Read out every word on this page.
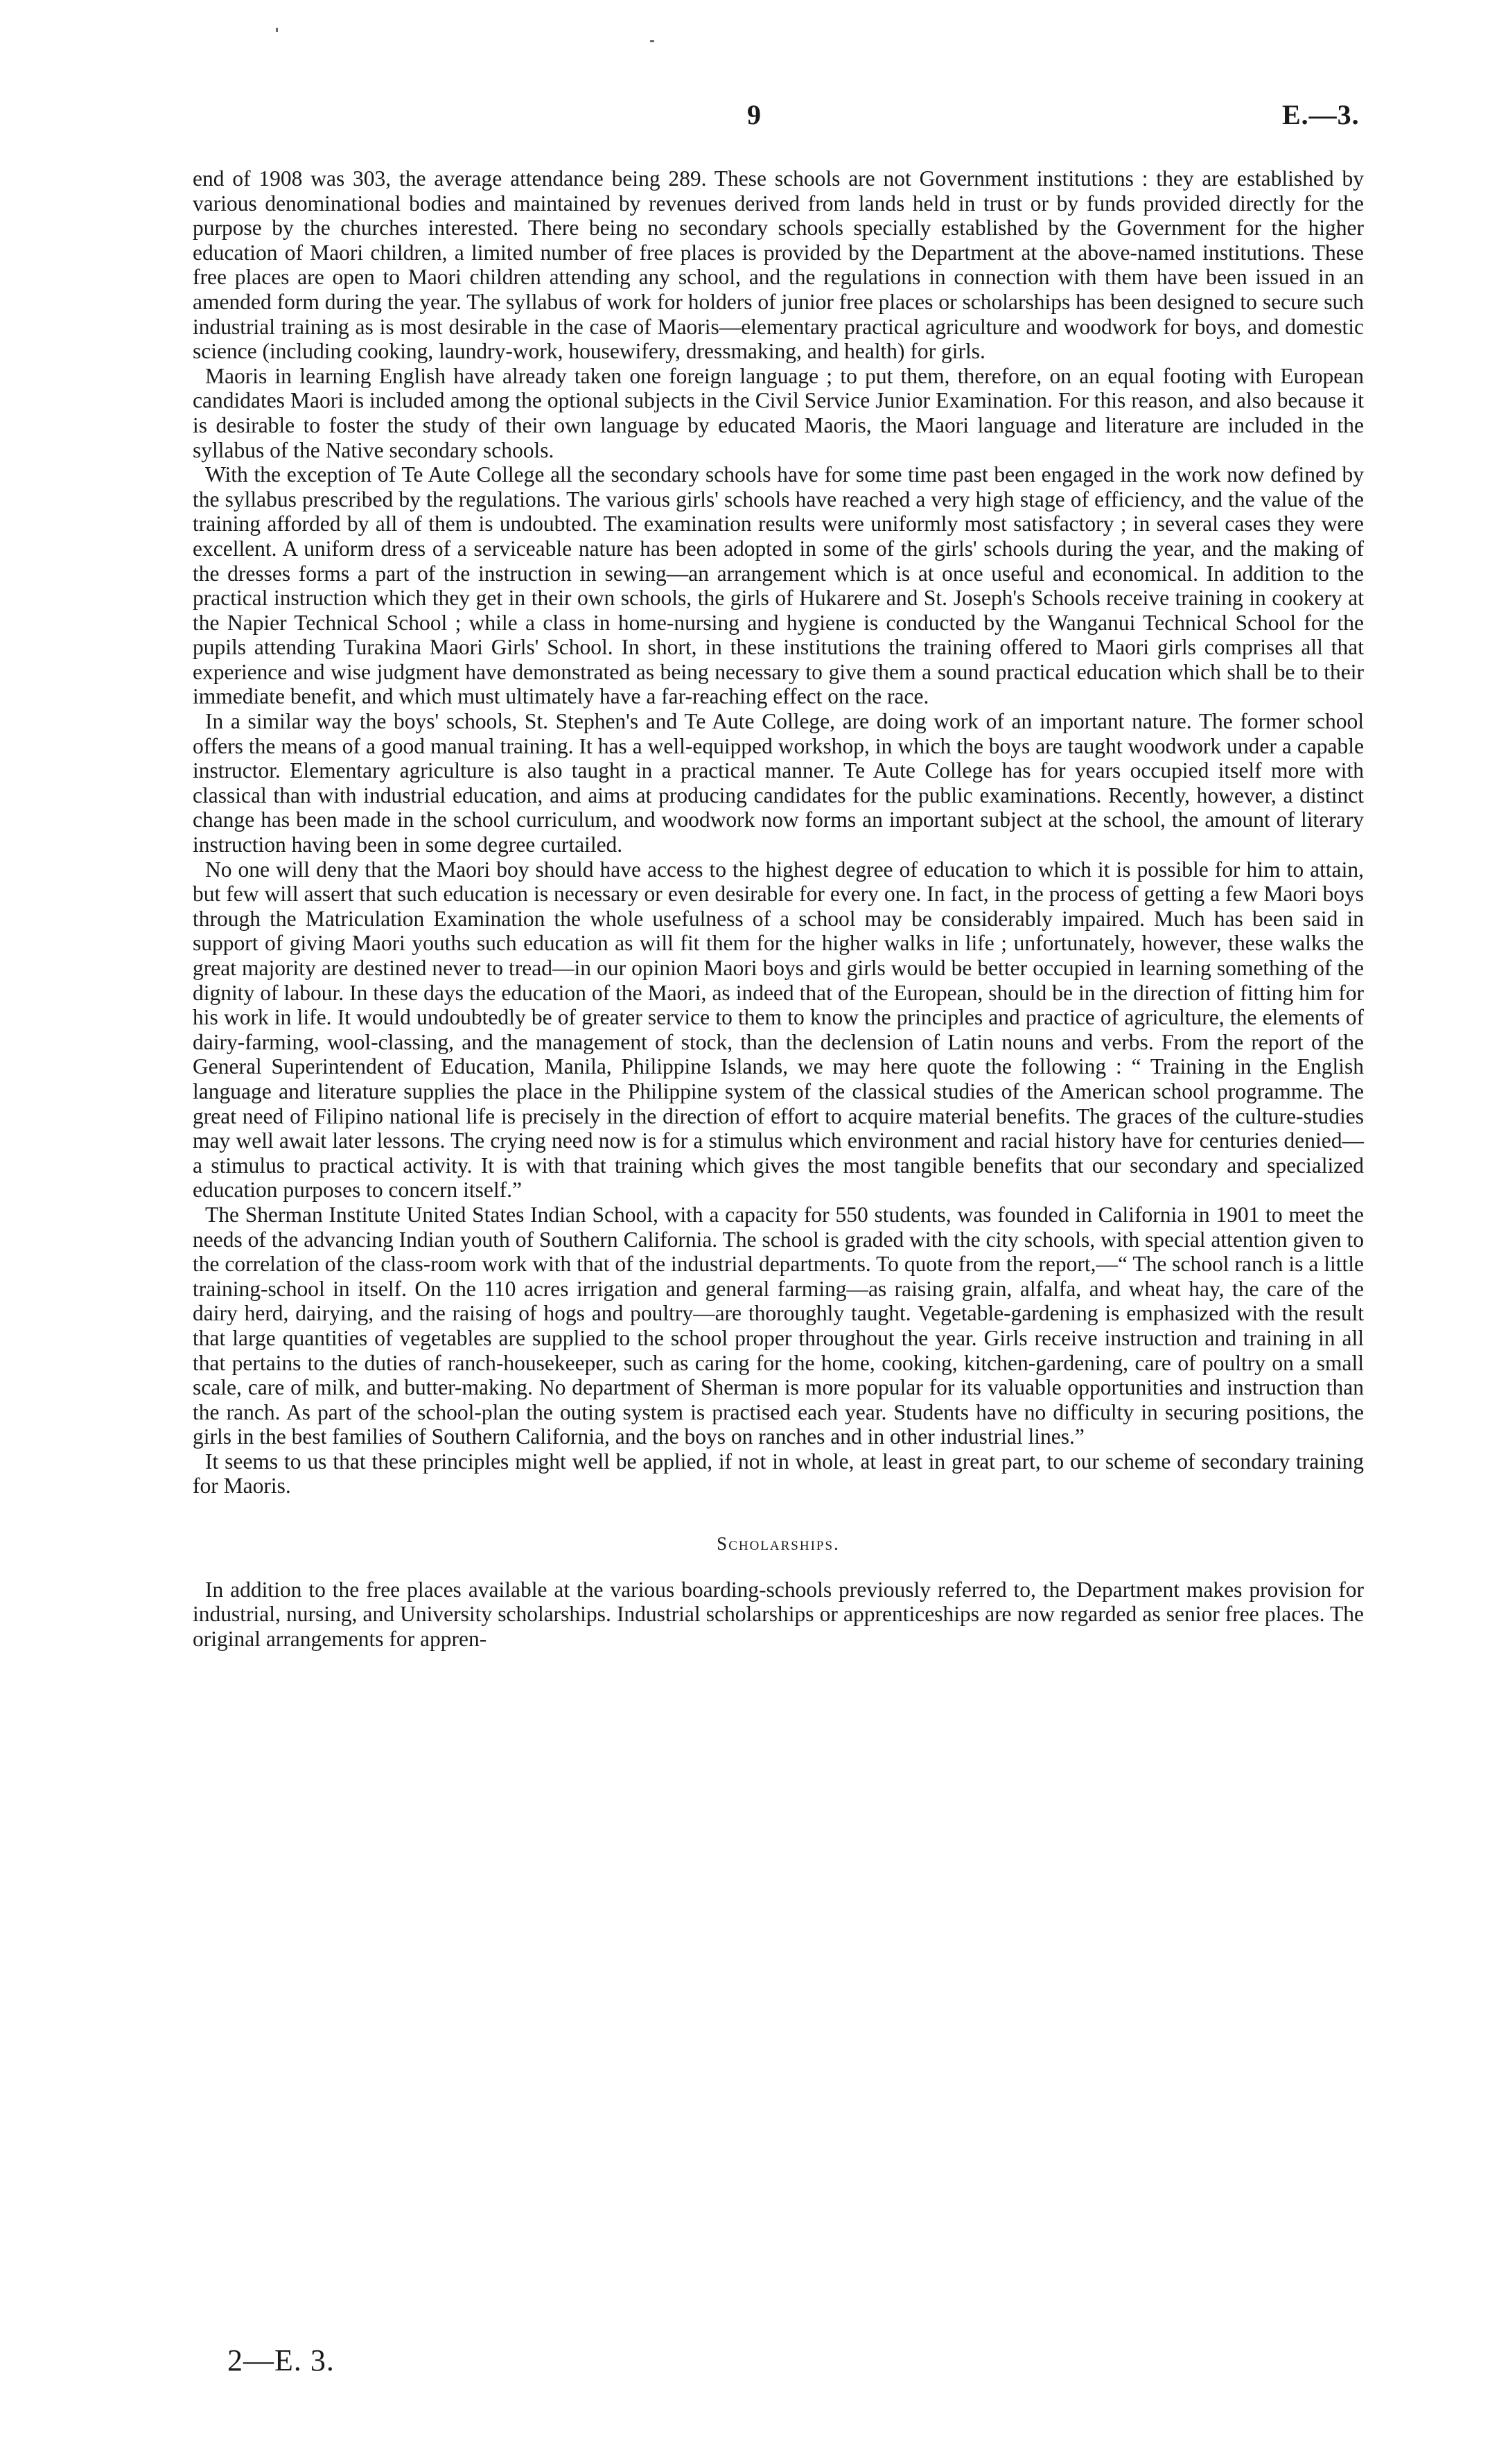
9	E.—3.

end of 1908 was 303, the average attendance being 289. These schools are not Government institutions : they are established by various denominational bodies and maintained by revenues derived from lands held in trust or by funds provided directly for the purpose by the churches interested. There being no secondary schools specially established by the Government for the higher education of Maori children, a limited number of free places is provided by the Department at the above-named institutions. These free places are open to Maori children attending any school, and the regulations in connection with them have been issued in an amended form during the year. The syllabus of work for holders of junior free places or scholarships has been designed to secure such industrial training as is most desirable in the case of Maoris—elementary practical agriculture and woodwork for boys, and domestic science (including cooking, laundry-work, housewifery, dressmaking, and health) for girls.

Maoris in learning English have already taken one foreign language ; to put them, therefore, on an equal footing with European candidates Maori is included among the optional subjects in the Civil Service Junior Examination. For this reason, and also because it is desirable to foster the study of their own language by educated Maoris, the Maori language and literature are included in the syllabus of the Native secondary schools.

With the exception of Te Aute College all the secondary schools have for some time past been engaged in the work now defined by the syllabus prescribed by the regulations. The various girls' schools have reached a very high stage of efficiency, and the value of the training afforded by all of them is undoubted. The examination results were uniformly most satisfactory ; in several cases they were excellent. A uniform dress of a serviceable nature has been adopted in some of the girls' schools during the year, and the making of the dresses forms a part of the instruction in sewing—an arrangement which is at once useful and economical. In addition to the practical instruction which they get in their own schools, the girls of Hukarere and St. Joseph's Schools receive training in cookery at the Napier Technical School ; while a class in home-nursing and hygiene is conducted by the Wanganui Technical School for the pupils attending Turakina Maori Girls' School. In short, in these institutions the training offered to Maori girls comprises all that experience and wise judgment have demonstrated as being necessary to give them a sound practical education which shall be to their immediate benefit, and which must ultimately have a far-reaching effect on the race.

In a similar way the boys' schools, St. Stephen's and Te Aute College, are doing work of an important nature. The former school offers the means of a good manual training. It has a well-equipped workshop, in which the boys are taught woodwork under a capable instructor. Elementary agriculture is also taught in a practical manner. Te Aute College has for years occupied itself more with classical than with industrial education, and aims at producing candidates for the public examinations. Recently, however, a distinct change has been made in the school curriculum, and woodwork now forms an important subject at the school, the amount of literary instruction having been in some degree curtailed.

No one will deny that the Maori boy should have access to the highest degree of education to which it is possible for him to attain, but few will assert that such education is necessary or even desirable for every one. In fact, in the process of getting a few Maori boys through the Matriculation Examination the whole usefulness of a school may be considerably impaired. Much has been said in support of giving Maori youths such education as will fit them for the higher walks in life ; unfortunately, however, these walks the great majority are destined never to tread—in our opinion Maori boys and girls would be better occupied in learning something of the dignity of labour. In these days the education of the Maori, as indeed that of the European, should be in the direction of fitting him for his work in life. It would undoubtedly be of greater service to them to know the principles and practice of agriculture, the elements of dairy-farming, wool-classing, and the management of stock, than the declension of Latin nouns and verbs. From the report of the General Superintendent of Education, Manila, Philippine Islands, we may here quote the following : “ Training in the English language and literature supplies the place in the Philippine system of the classical studies of the American school programme. The great need of Filipino national life is precisely in the direction of effort to acquire material benefits. The graces of the culture-studies may well await later lessons. The crying need now is for a stimulus which environment and racial history have for centuries denied—a stimulus to practical activity. It is with that training which gives the most tangible benefits that our secondary and specialized education purposes to concern itself.”

The Sherman Institute United States Indian School, with a capacity for 550 students, was founded in California in 1901 to meet the needs of the advancing Indian youth of Southern California. The school is graded with the city schools, with special attention given to the correlation of the class-room work with that of the industrial departments. To quote from the report,—“ The school ranch is a little training-school in itself. On the 110 acres irrigation and general farming—as raising grain, alfalfa, and wheat hay, the care of the dairy herd, dairying, and the raising of hogs and poultry—are thoroughly taught. Vegetable-gardening is emphasized with the result that large quantities of vegetables are supplied to the school proper throughout the year. Girls receive instruction and training in all that pertains to the duties of ranch-housekeeper, such as caring for the home, cooking, kitchen-gardening, care of poultry on a small scale, care of milk, and butter-making. No department of Sherman is more popular for its valuable opportunities and instruction than the ranch. As part of the school-plan the outing system is practised each year. Students have no difficulty in securing positions, the girls in the best families of Southern California, and the boys on ranches and in other industrial lines.”

It seems to us that these principles might well be applied, if not in whole, at least in great part, to our scheme of secondary training for Maoris.

Scholarships.

In addition to the free places available at the various boarding-schools previously referred to, the Department makes provision for industrial, nursing, and University scholarships. Industrial scholarships or apprenticeships are now regarded as senior free places. The original arrangements for appren-

2—E. 3.
